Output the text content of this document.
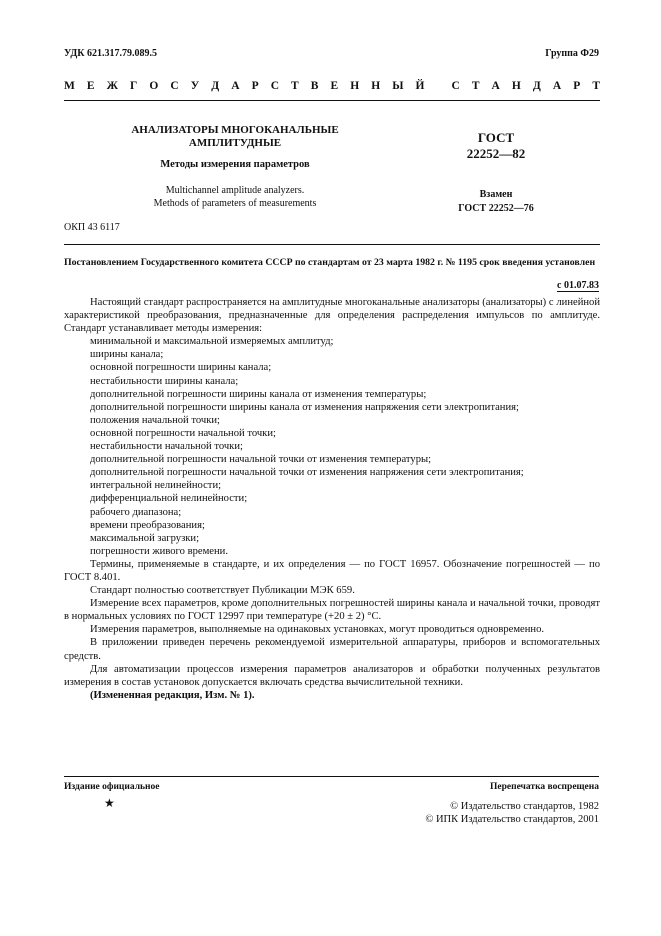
УДК 621.317.79.089.5	Группа Ф29
М Е Ж Г О С У Д А Р С Т В Е Н Н Ы Й
С Т А Н Д А Р Т
АНАЛИЗАТОРЫ МНОГОКАНАЛЬНЫЕ
АМПЛИТУДНЫЕ
Методы измерения параметров
Multichannel amplitude analyzers.
Methods of parameters of measurements
ГОСТ
22252—82
Взамен
ГОСТ 22252—76
ОКП 43 6117
Постановлением Государственного комитета СССР по стандартам от 23 марта 1982 г. № 1195 срок введения установлен
с 01.07.83

Настоящий стандарт распространяется на амплитудные многоканальные анализаторы (анализаторы) с линейной характеристикой преобразования, предназначенные для определения распределения импульсов по амплитуде. Стандарт устанавливает методы измерения:

минимальной и максимальной измеряемых амплитуд;

ширины канала;

основной погрешности ширины канала;

нестабильности ширины канала;

дополнительной погрешности ширины канала от изменения температуры;

дополнительной погрешности ширины канала от изменения напряжения сети электропитания;

положения начальной точки;

основной погрешности начальной точки;

нестабильности начальной точки;

дополнительной погрешности начальной точки от изменения температуры;

дополнительной погрешности начальной точки от изменения напряжения сети электропитания;

интегральной нелинейности;

дифференциальной нелинейности;

рабочего диапазона;

времени преобразования;

максимальной загрузки;

погрешности живого времени.

Термины, применяемые в стандарте, и их определения — по ГОСТ 16957. Обозначение погрешностей — по ГОСТ 8.401.

Стандарт полностью соответствует Публикации МЭК 659.

Измерение всех параметров, кроме дополнительных погрешностей ширины канала и начальной точки, проводят в нормальных условиях по ГОСТ 12997 при температуре (+20 ± 2) °С.

Измерения параметров, выполняемые на одинаковых установках, могут проводиться одновременно.

В приложении приведен перечень рекомендуемой измерительной аппаратуры, приборов и вспомогательных средств.

Для автоматизации процессов измерения параметров анализаторов и обработки полученных результатов измерения в состав установок допускается включать средства вычислительной техники.

(Измененная редакция, Изм. № 1).

Издание официальное	Перепечатка воспрещена
★	© Издательство стандартов, 1982
© ИПК Издательство стандартов, 2001
